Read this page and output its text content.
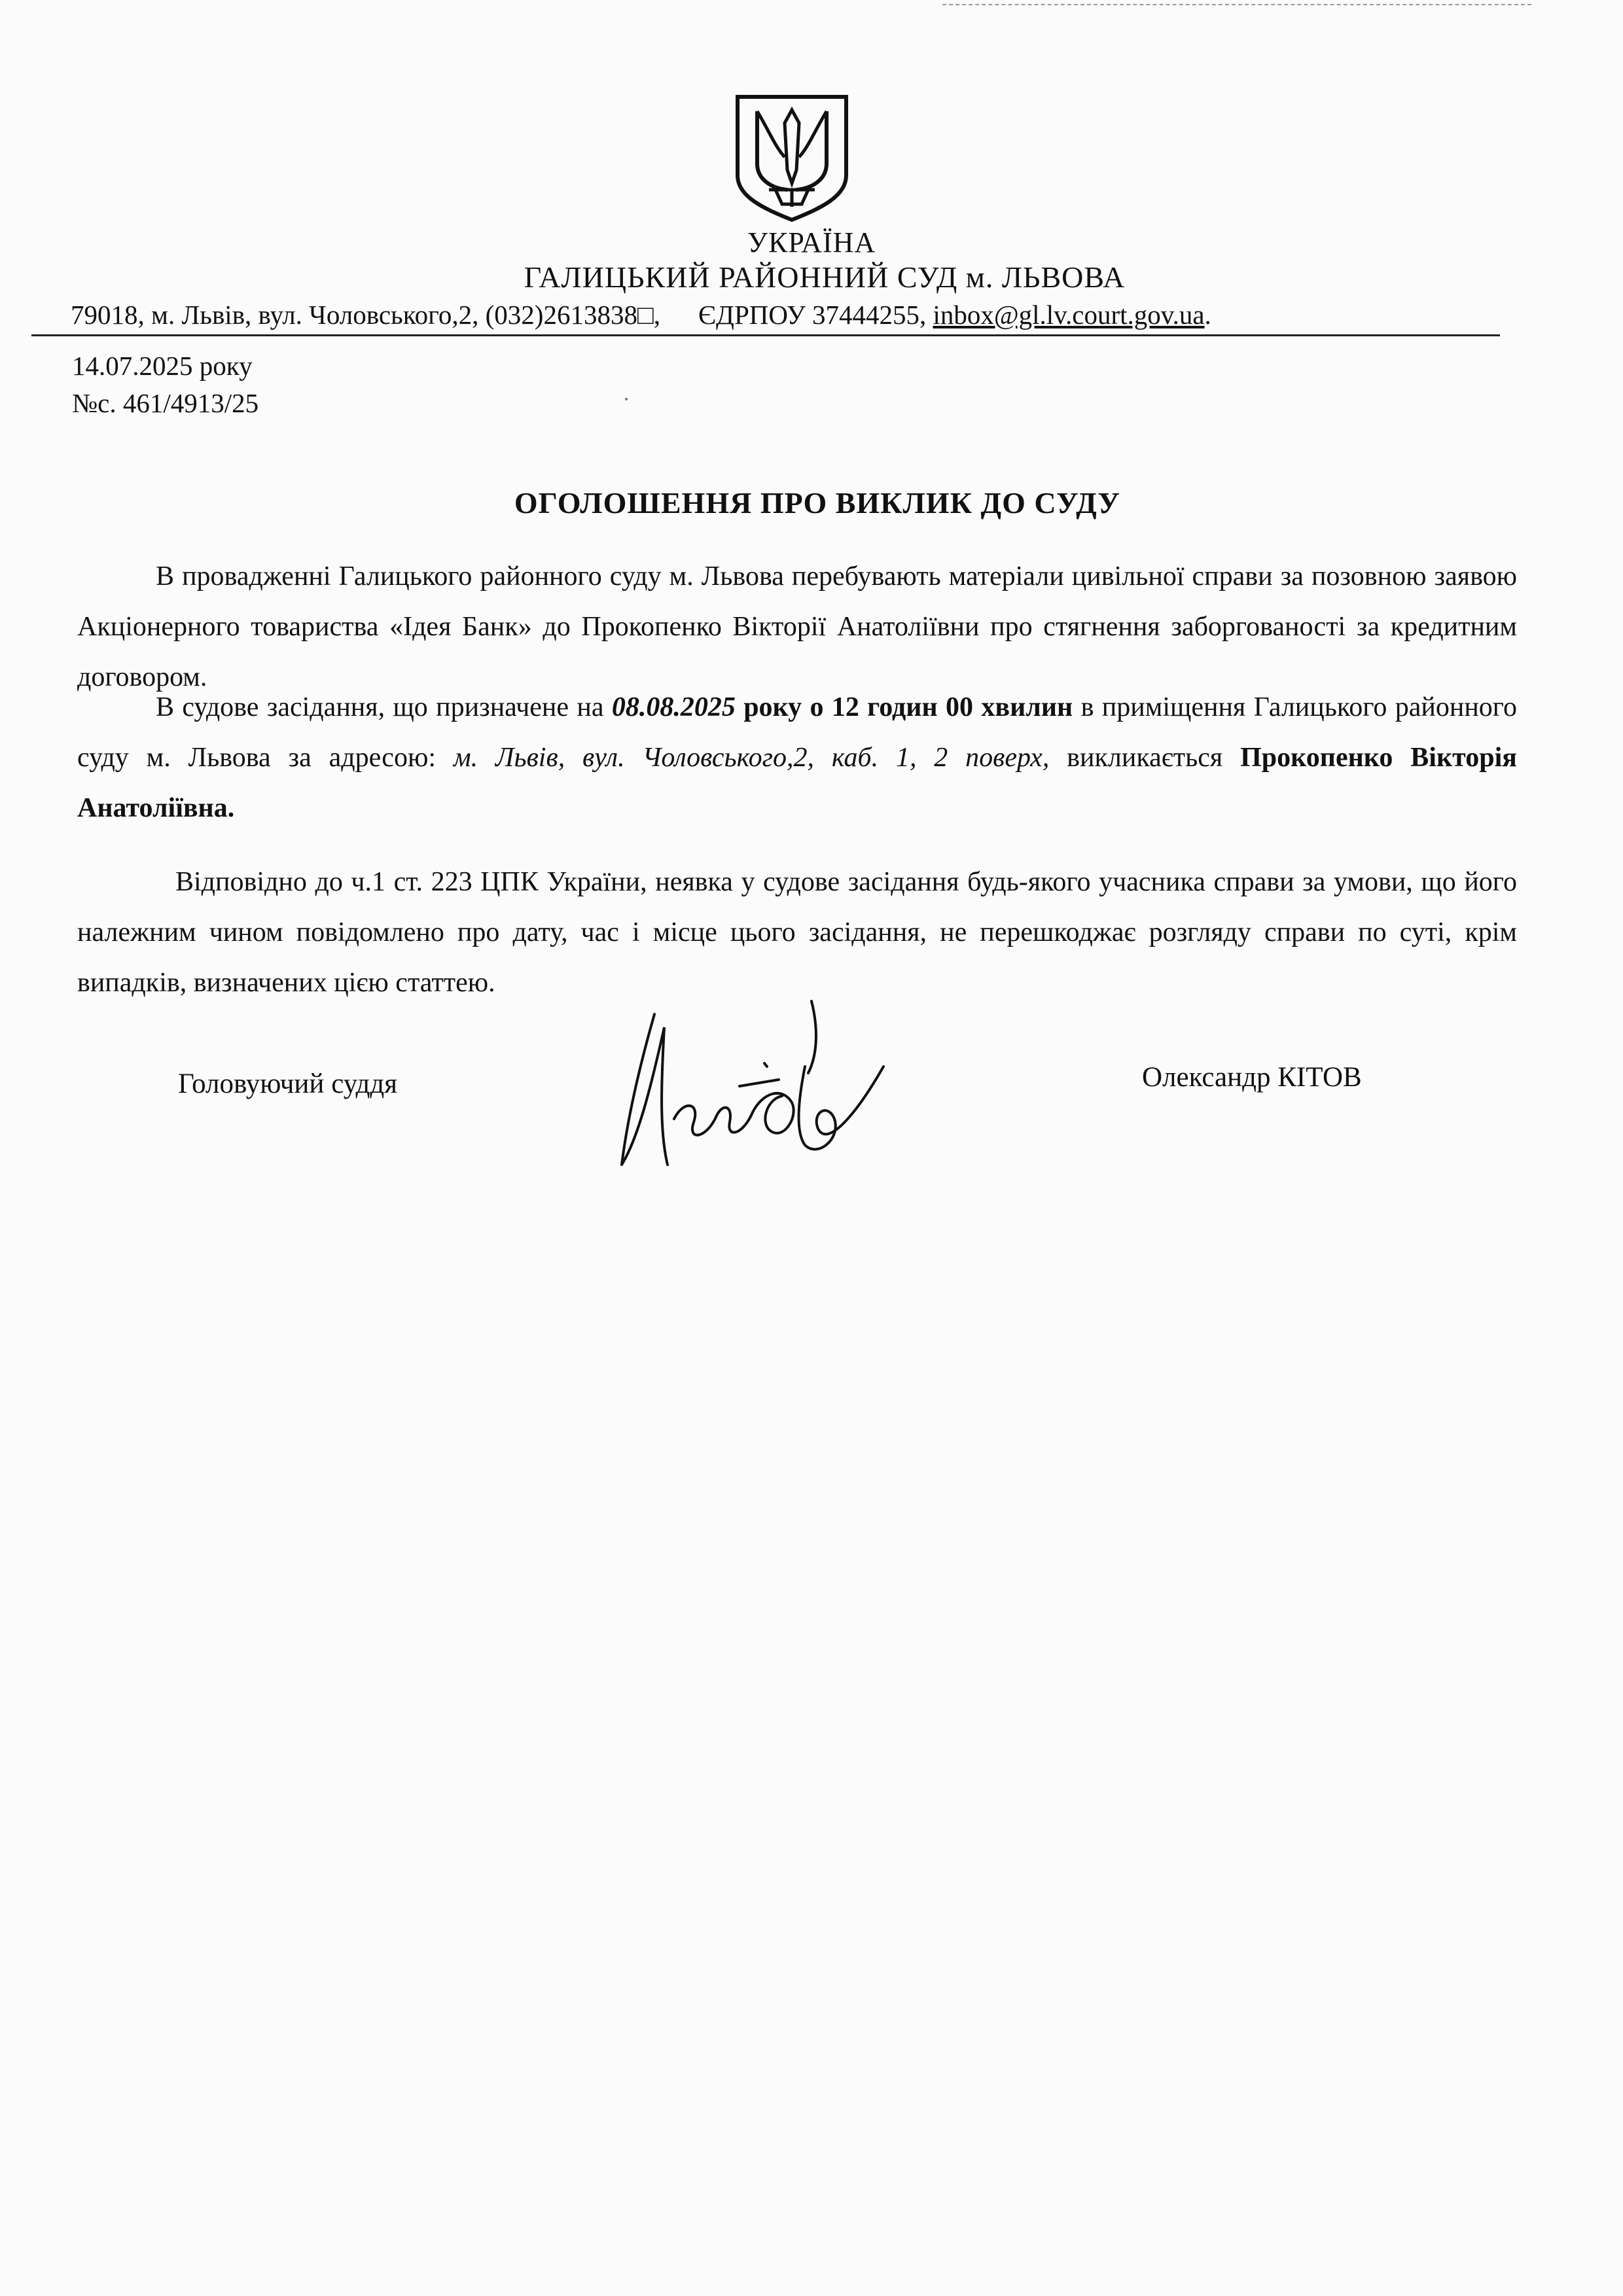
УКРАЇНА
ГАЛИЦЬКИЙ РАЙОННИЙ СУД м. ЛЬВОВА
79018, м. Львів, вул. Чоловського,2, (032)2613838□, ЄДРПОУ 37444255, inbox@gl.lv.court.gov.ua.
14.07.2025 року
№с. 461/4913/25
ОГОЛОШЕННЯ ПРО ВИКЛИК ДО СУДУ
В провадженні Галицького районного суду м. Львова перебувають матеріали цивільної справи за позовною заявою Акціонерного товариства «Ідея Банк» до Прокопенко Вікторії Анатоліївни про стягнення заборгованості за кредитним договором.
В судове засідання, що призначене на 08.08.2025 року о 12 годин 00 хвилин в приміщення Галицького районного суду м. Львова за адресою: м. Львів, вул. Чоловського,2, каб. 1, 2 поверх, викликається Прокопенко Вікторія Анатоліївна.
Відповідно до ч.1 ст. 223 ЦПК України, неявка у судове засідання будь-якого учасника справи за умови, що його належним чином повідомлено про дату, час і місце цього засідання, не перешкоджає розгляду справи по суті, крім випадків, визначених цією статтею.
Головуючий суддя	Олександр КІТОВ
